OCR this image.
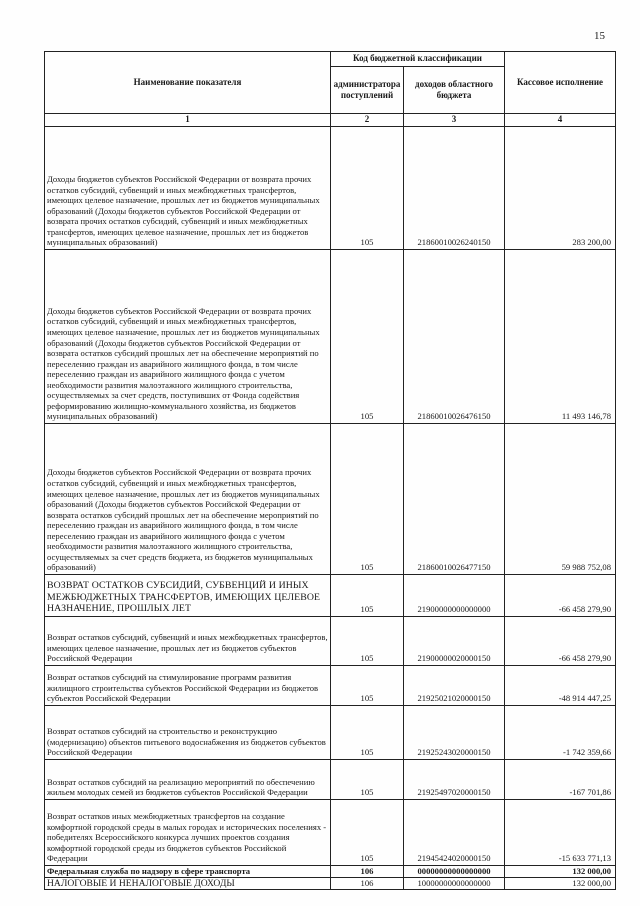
15
Наименование показателя	Код бюджетной классификации		Кассовое исполнение
	администратора поступлений	доходов областного бюджета	
1	2	3	4
Доходы бюджетов субъектов Российской Федерации от возврата прочих остатков субсидий, субвенций и иных межбюджетных трансфертов, имеющих целевое назначение, прошлых лет из бюджетов муниципальных образований (Доходы бюджетов субъектов Российской Федерации от возврата прочих остатков субсидий, субвенций и иных межбюджетных трансфертов, имеющих целевое назначение, прошлых лет из бюджетов муниципальных образований)	105	21860010026240150	283 200,00
Доходы бюджетов субъектов Российской Федерации от возврата прочих остатков субсидий, субвенций и иных межбюджетных трансфертов, имеющих целевое назначение, прошлых лет из бюджетов муниципальных образований (Доходы бюджетов субъектов Российской Федерации от возврата остатков субсидий прошлых лет на обеспечение мероприятий по переселению граждан из аварийного жилищного фонда, в том числе переселению граждан из аварийного жилищного фонда с учетом необходимости развития малоэтажного жилищного строительства, осуществляемых за счет средств, поступивших от Фонда содействия реформированию жилищно-коммунального хозяйства, из бюджетов муниципальных образований)	105	21860010026476150	11 493 146,78
Доходы бюджетов субъектов Российской Федерации от возврата прочих остатков субсидий, субвенций и иных межбюджетных трансфертов, имеющих целевое назначение, прошлых лет из бюджетов муниципальных образований (Доходы бюджетов субъектов Российской Федерации от возврата остатков субсидий прошлых лет на обеспечение мероприятий по переселению граждан из аварийного жилищного фонда, в том числе переселению граждан из аварийного жилищного фонда с учетом необходимости развития малоэтажного жилищного строительства, осуществляемых за счет средств бюджета, из бюджетов муниципальных образований)	105	21860010026477150	59 988 752,08
ВОЗВРАТ ОСТАТКОВ СУБСИДИЙ, СУБВЕНЦИЙ И ИНЫХ МЕЖБЮДЖЕТНЫХ ТРАНСФЕРТОВ, ИМЕЮЩИХ ЦЕЛЕВОЕ НАЗНАЧЕНИЕ, ПРОШЛЫХ ЛЕТ	105	21900000000000000	-66 458 279,90
Возврат остатков субсидий, субвенций и иных межбюджетных трансфертов, имеющих целевое назначение, прошлых лет из бюджетов субъектов Российской Федерации	105	21900000020000150	-66 458 279,90
Возврат остатков субсидий на стимулирование программ развития жилищного строительства субъектов Российской Федерации из бюджетов субъектов Российской Федерации	105	21925021020000150	-48 914 447,25
Возврат остатков субсидий на строительство и реконструкцию (модернизацию) объектов питьевого водоснабжения из бюджетов субъектов Российской Федерации	105	21925243020000150	-1 742 359,66
Возврат остатков субсидий на реализацию мероприятий по обеспечению жильем молодых семей из бюджетов субъектов Российской Федерации	105	21925497020000150	-167 701,86
Возврат остатков иных межбюджетных трансфертов на создание комфортной городской среды в малых городах и исторических поселениях - победителях Всероссийского конкурса лучших проектов создания комфортной городской среды из бюджетов субъектов Российской Федерации	105	21945424020000150	-15 633 771,13
Федеральная служба по надзору в сфере транспорта	106	00000000000000000	132 000,00
НАЛОГОВЫЕ И НЕНАЛОГОВЫЕ ДОХОДЫ	106	10000000000000000	132 000,00
